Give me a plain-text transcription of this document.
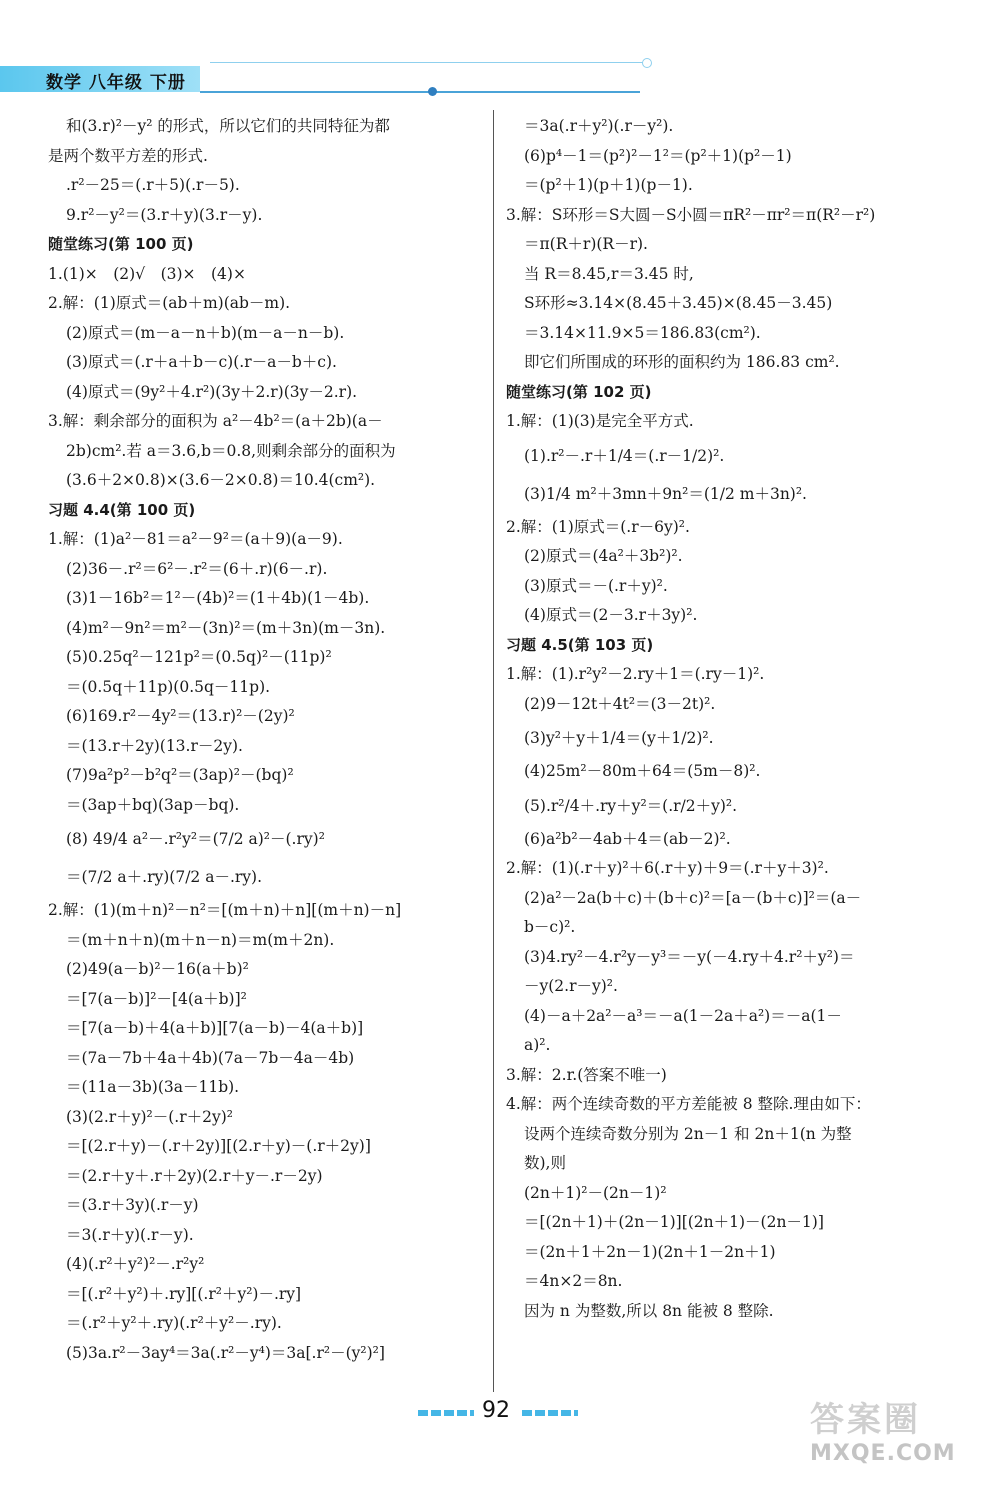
数学 八年级 下册
和(3.r)²－y² 的形式，所以它们的共同特征为都
是两个数平方差的形式.
.r²－25＝(.r＋5)(.r－5).
9.r²－y²＝(3.r＋y)(3.r－y).
随堂练习(第 100 页)
1.(1)×　(2)√　(3)×　(4)×
2.解：(1)原式＝(ab＋m)(ab－m).
(2)原式＝(m－a－n＋b)(m－a－n－b).
(3)原式＝(.r＋a＋b－c)(.r－a－b＋c).
(4)原式＝(9y²＋4.r²)(3y＋2.r)(3y－2.r).
3.解：剩余部分的面积为 a²－4b²＝(a＋2b)(a－
2b)cm².若 a＝3.6,b＝0.8,则剩余部分的面积为
(3.6＋2×0.8)×(3.6－2×0.8)＝10.4(cm²).
习题 4.4(第 100 页)
1.解：(1)a²－81＝a²－9²＝(a＋9)(a－9).
(2)36－.r²＝6²－.r²＝(6＋.r)(6－.r).
(3)1－16b²＝1²－(4b)²＝(1＋4b)(1－4b).
(4)m²－9n²＝m²－(3n)²＝(m＋3n)(m－3n).
(5)0.25q²－121p²＝(0.5q)²－(11p)²
＝(0.5q＋11p)(0.5q－11p).
(6)169.r²－4y²＝(13.r)²－(2y)²
＝(13.r＋2y)(13.r－2y).
(7)9a²p²－b²q²＝(3ap)²－(bq)²
＝(3ap＋bq)(3ap－bq).
(8) 49/4 a²－.r²y²＝(7/2 a)²－(.ry)²
＝(7/2 a＋.ry)(7/2 a－.ry).
2.解：(1)(m＋n)²－n²＝[(m＋n)＋n][(m＋n)－n]
＝(m＋n＋n)(m＋n－n)＝m(m＋2n).
(2)49(a－b)²－16(a＋b)²
＝[7(a－b)]²－[4(a＋b)]²
＝[7(a－b)＋4(a＋b)][7(a－b)－4(a＋b)]
＝(7a－7b＋4a＋4b)(7a－7b－4a－4b)
＝(11a－3b)(3a－11b).
(3)(2.r＋y)²－(.r＋2y)²
＝[(2.r＋y)－(.r＋2y)][(2.r＋y)－(.r＋2y)]
＝(2.r＋y＋.r＋2y)(2.r＋y－.r－2y)
＝(3.r＋3y)(.r－y)
＝3(.r＋y)(.r－y).
(4)(.r²＋y²)²－.r²y²
＝[(.r²＋y²)＋.ry][(.r²＋y²)－.ry]
＝(.r²＋y²＋.ry)(.r²＋y²－.ry).
(5)3a.r²－3ay⁴＝3a(.r²－y⁴)＝3a[.r²－(y²)²]
＝3a(.r＋y²)(.r－y²).
(6)p⁴－1＝(p²)²－1²＝(p²＋1)(p²－1)
＝(p²＋1)(p＋1)(p－1).
3.解：S环形＝S大圆－S小圆＝πR²－πr²＝π(R²－r²)
＝π(R＋r)(R－r).
当 R＝8.45,r＝3.45 时,
S环形≈3.14×(8.45＋3.45)×(8.45－3.45)
＝3.14×11.9×5＝186.83(cm²).
即它们所围成的环形的面积约为 186.83 cm².
随堂练习(第 102 页)
1.解：(1)(3)是完全平方式.
(1).r²－.r＋1/4＝(.r－1/2)².
(3)1/4 m²＋3mn＋9n²＝(1/2 m＋3n)².
2.解：(1)原式＝(.r－6y)².
(2)原式＝(4a²＋3b²)².
(3)原式＝－(.r＋y)².
(4)原式＝(2－3.r＋3y)².
习题 4.5(第 103 页)
1.解：(1).r²y²－2.ry＋1＝(.ry－1)².
(2)9－12t＋4t²＝(3－2t)².
(3)y²＋y＋1/4＝(y＋1/2)².
(4)25m²－80m＋64＝(5m－8)².
(5).r²/4＋.ry＋y²＝(.r/2＋y)².
(6)a²b²－4ab＋4＝(ab－2)².
2.解：(1)(.r＋y)²＋6(.r＋y)＋9＝(.r＋y＋3)².
(2)a²－2a(b＋c)＋(b＋c)²＝[a－(b＋c)]²＝(a－
b－c)².
(3)4.ry²－4.r²y－y³＝－y(－4.ry＋4.r²＋y²)＝
－y(2.r－y)².
(4)－a＋2a²－a³＝－a(1－2a＋a²)＝－a(1－
a)².
3.解：2.r.(答案不唯一)
4.解：两个连续奇数的平方差能被 8 整除.理由如下：
设两个连续奇数分别为 2n－1 和 2n＋1(n 为整
数),则
(2n＋1)²－(2n－1)²
＝[(2n＋1)＋(2n－1)][(2n＋1)－(2n－1)]
＝(2n＋1＋2n－1)(2n＋1－2n＋1)
＝4n×2＝8n.
因为 n 为整数,所以 8n 能被 8 整除.
92	答案圈
MXQE.COM
